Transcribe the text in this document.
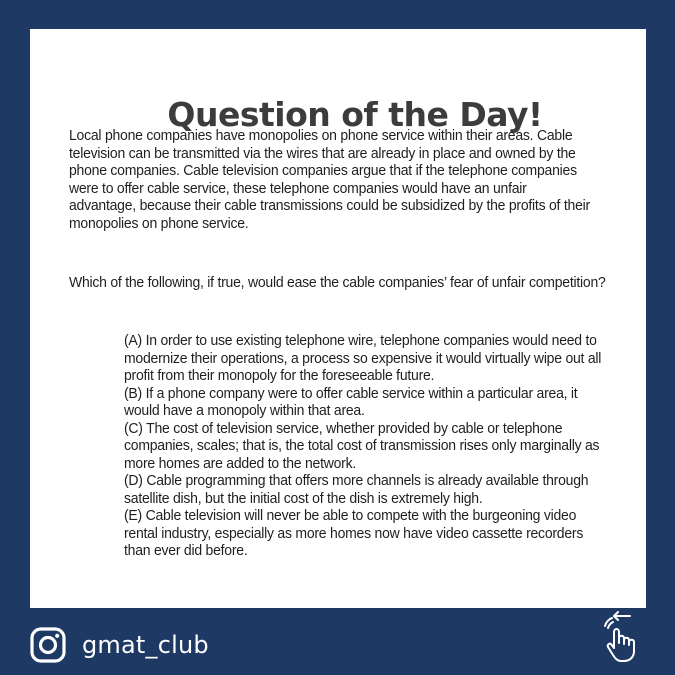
Question of the Day!

Local phone companies have monopolies on phone service within their areas. Cable television can be transmitted via the wires that are already in place and owned by the phone companies. Cable television companies argue that if the telephone companies were to offer cable service, these telephone companies would have an unfair advantage, because their cable transmissions could be subsidized by the profits of their monopolies on phone service.

Which of the following, if true, would ease the cable companies’ fear of unfair competition?

(A) In order to use existing telephone wire, telephone companies would need to modernize their operations, a process so expensive it would virtually wipe out all profit from their monopoly for the foreseeable future.
(B) If a phone company were to offer cable service within a particular area, it would have a monopoly within that area.
(C) The cost of television service, whether provided by cable or telephone companies, scales; that is, the total cost of transmission rises only marginally as more homes are added to the network.
(D) Cable programming that offers more channels is already available through satellite dish, but the initial cost of the dish is extremely high.
(E) Cable television will never be able to compete with the burgeoning video rental industry, especially as more homes now have video cassette recorders than ever did before.
gmat_club
